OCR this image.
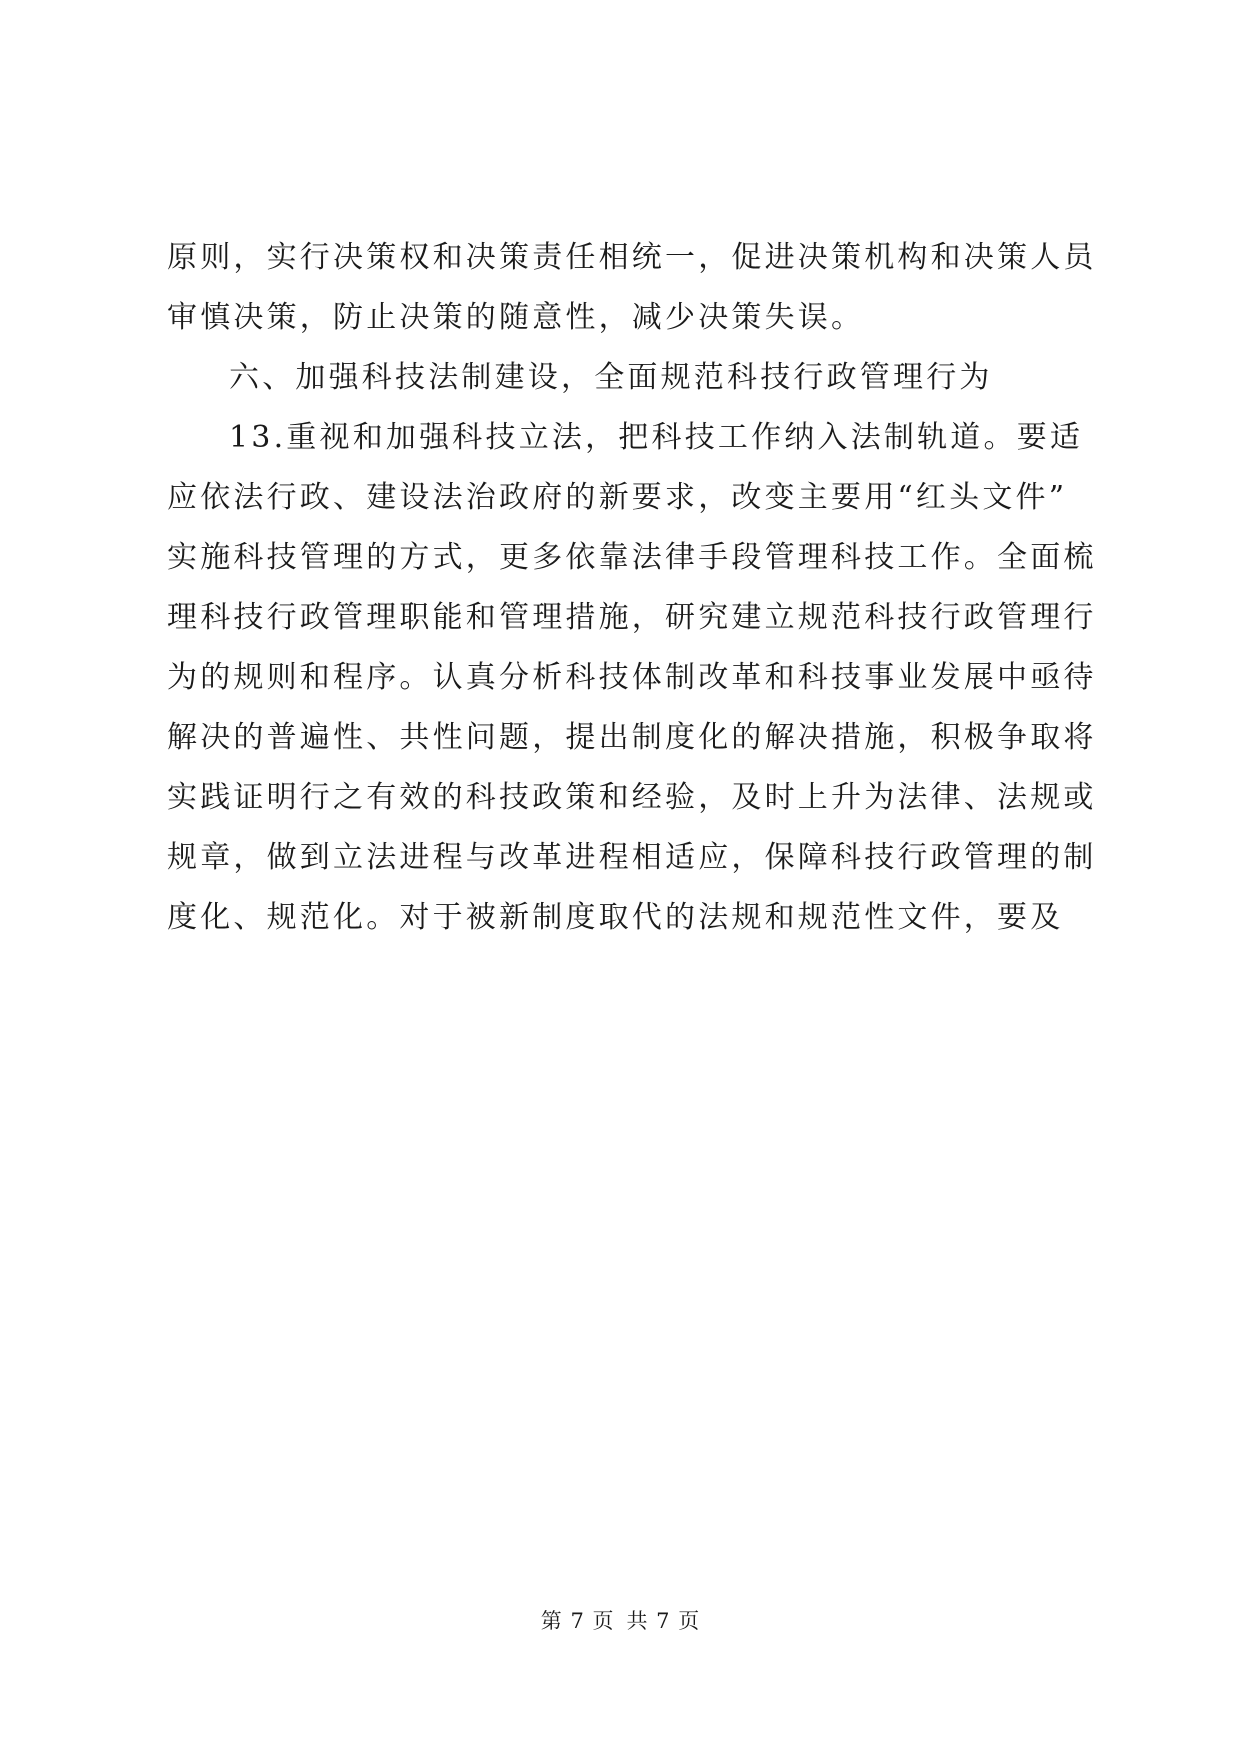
原则，实行决策权和决策责任相统一，促进决策机构和决策人员
审慎决策，防止决策的随意性，减少决策失误。
六、加强科技法制建设，全面规范科技行政管理行为
13.重视和加强科技立法，把科技工作纳入法制轨道。要适
应依法行政、建设法治政府的新要求，改变主要用“红头文件”
实施科技管理的方式，更多依靠法律手段管理科技工作。全面梳
理科技行政管理职能和管理措施，研究建立规范科技行政管理行
为的规则和程序。认真分析科技体制改革和科技事业发展中亟待
解决的普遍性、共性问题，提出制度化的解决措施，积极争取将
实践证明行之有效的科技政策和经验，及时上升为法律、法规或
规章，做到立法进程与改革进程相适应，保障科技行政管理的制
度化、规范化。对于被新制度取代的法规和规范性文件，要及
第 7 页 共 7 页
